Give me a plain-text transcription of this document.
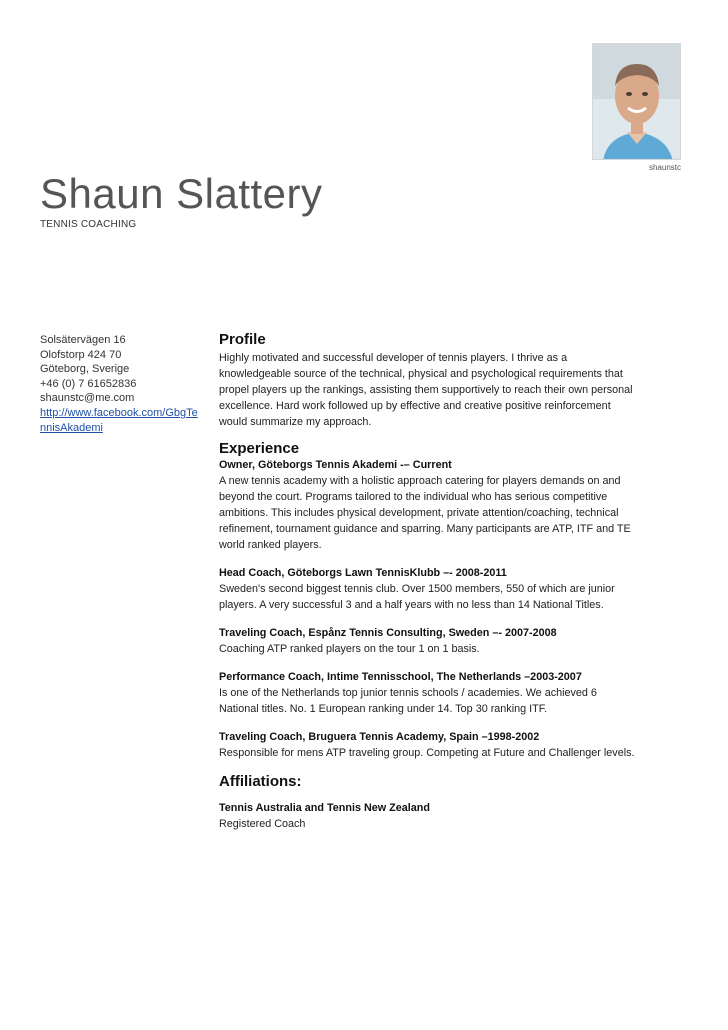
shaunstc
Shaun Slattery
TENNIS COACHING
Solsätervägen 16
Olofstorp 424 70
Göteborg, Sverige
+46 (0) 7 61652836
shaunstc@me.com
http://www.facebook.com/GbgTennisAkademi
Profile
Highly motivated and successful developer of tennis players. I thrive as a knowledgeable source of the technical, physical and psychological requirements that propel players up the rankings, assisting them supportively to reach their own personal excellence. Hard work followed up by effective and creative positive reinforcement would summarize my approach.
Experience
Owner, Göteborgs Tennis Akademi -– Current
A new tennis academy with a holistic approach catering for players demands on and beyond the court. Programs tailored to the individual who has serious competitive ambitions. This includes physical development, private attention/coaching, technical refinement, tournament guidance and sparring. Many participants are ATP, ITF and TE world ranked players.
Head Coach, Göteborgs Lawn TennisKlubb –- 2008-2011
Sweden's second biggest tennis club. Over 1500 members, 550 of which are junior players. A very successful 3 and a half years with no less than 14 National Titles.
Traveling Coach, Espånz Tennis Consulting, Sweden –- 2007-2008
Coaching ATP ranked players on the tour 1 on 1 basis.
Performance Coach, Intime Tennisschool, The Netherlands –2003-2007
Is one of the Netherlands top junior tennis schools / academies. We achieved 6 National titles. No. 1 European ranking under 14. Top 30 ranking ITF.
Traveling Coach, Bruguera Tennis Academy, Spain –1998-2002
Responsible for mens ATP traveling group. Competing at Future and Challenger levels.
Affiliations:
Tennis Australia and Tennis New Zealand
Registered Coach
